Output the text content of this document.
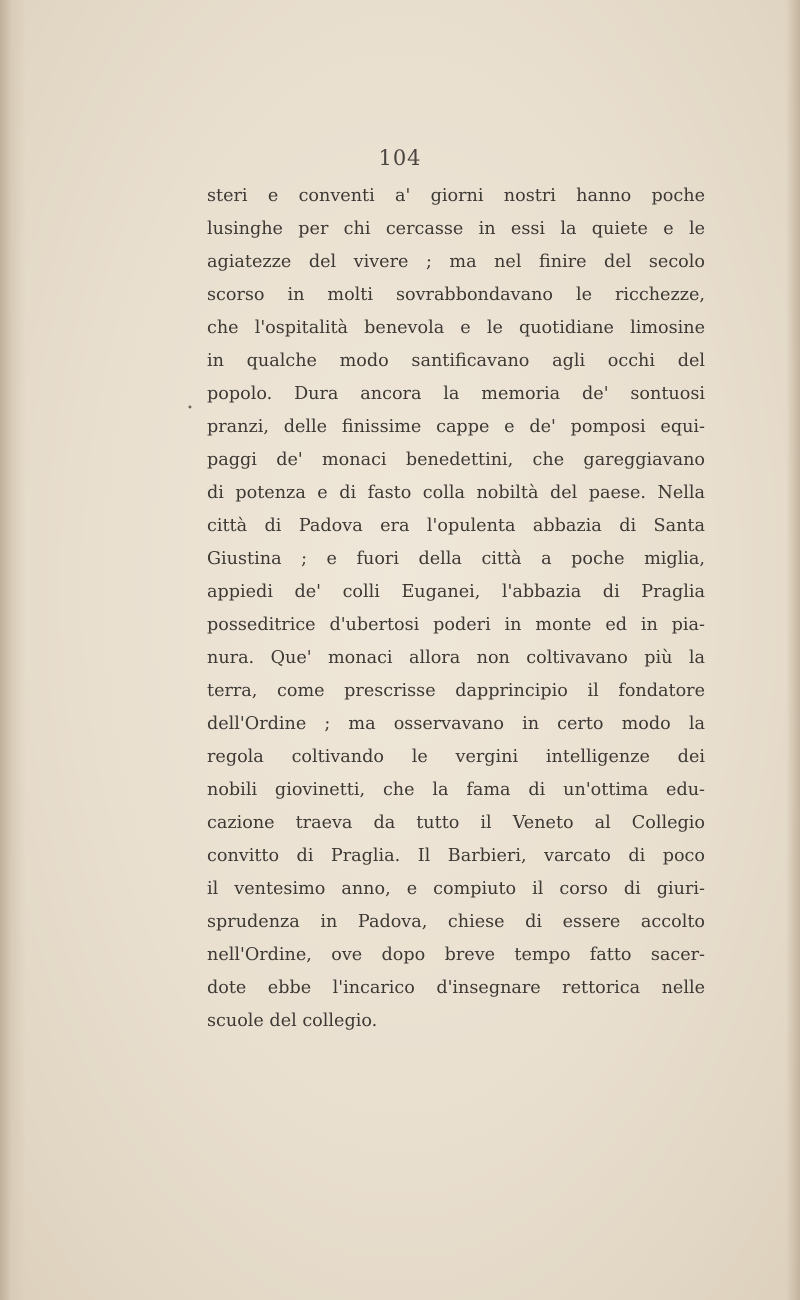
104
•
steri e conventi a' giorni nostri hanno poche
lusinghe per chi cercasse in essi la quiete e le
agiatezze del vivere ; ma nel finire del secolo
scorso in molti sovrabbondavano le ricchezze,
che l'ospitalità benevola e le quotidiane limosine
in qualche modo santificavano agli occhi del
popolo. Dura ancora la memoria de' sontuosi
pranzi, delle finissime cappe e de' pomposi equi-
paggi de' monaci benedettini, che gareggiavano
di potenza e di fasto colla nobiltà del paese. Nella
città di Padova era l'opulenta abbazia di Santa
Giustina ; e fuori della città a poche miglia,
appiedi de' colli Euganei, l'abbazia di Praglia
posseditrice d'ubertosi poderi in monte ed in pia-
nura. Que' monaci allora non coltivavano più la
terra, come prescrisse dapprincipio il fondatore
dell'Ordine ; ma osservavano in certo modo la
regola coltivando le vergini intelligenze dei
nobili giovinetti, che la fama di un'ottima edu-
cazione traeva da tutto il Veneto al Collegio
convitto di Praglia. Il Barbieri, varcato di poco
il ventesimo anno, e compiuto il corso di giuri-
sprudenza in Padova, chiese di essere accolto
nell'Ordine, ove dopo breve tempo fatto sacer-
dote ebbe l'incarico d'insegnare rettorica nelle
scuole del collegio.
